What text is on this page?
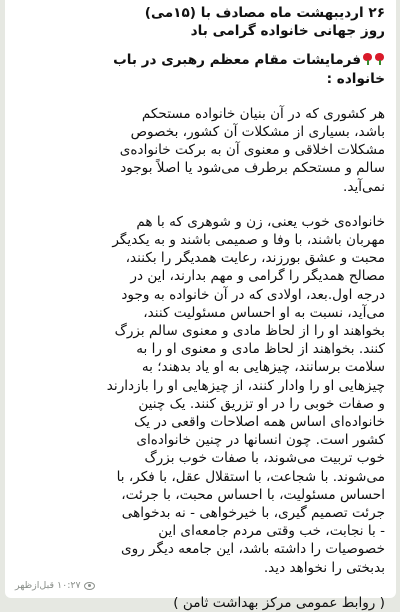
۲۶ اردیبهشت ماه مصادف با (۱۵می)
روز جهانی خانواده گرامی باد
فرمایشات مقام معظم رهبری در باب
خانواده :
هر کشوری که در آن بنیان خانواده مستحکم
باشد، بسیاری از مشکلات آن کشور، بخصوص
مشکلات اخلاقی و معنوی آن به برکت خانواده‌ی
سالم و مستحکم برطرف می‌شود یا اصلاً بوجود
نمی‌آید.
خانواده‌ی خوب یعنی، زن و شوهری که با هم
مهربان باشند، با وفا و صمیمی باشند و به یکدیگر
محبت و عشق بورزند، رعایت همدیگر را بکنند،
مصالح همدیگر را گرامی و مهم بدارند، این در
درجه اول.بعد، اولادی که در آن خانواده به وجود
می‌آید، نسبت به او احساس مسئولیت کنند،
بخواهند او را از لحاظ مادی و معنوی سالم بزرگ
کنند. بخواهند از لحاظ مادی و معنوی او را به
سلامت برسانند، چیزهایی به او یاد بدهند؛ به
چیزهایی او را وادار کنند، از چیزهایی او را بازدارند
و صفات خوبی را در او تزریق کنند. یک چنین
خانواده‌ای اساس همه اصلاحات واقعی در یک
کشور است. چون انسانها در چنین خانواده‌ای
خوب تربیت می‌شوند، با صفات خوب بزرگ
می‌شوند. با شجاعت، با استقلال عقل، با فکر، با
احساس مسئولیت، با احساس محبت، با جرئت،
جرئت تصمیم گیری، با خیرخواهی - نه بدخواهی
- با نجابت، خب وقتی مردم جامعه‌ای این
خصوصیات را داشته باشد، این جامعه دیگر روی
بدبختی را نخواهد دید.
( روابط عمومی مرکز بهداشت ثامن )
۱۰:۲۷
قبل‌ازظهر
